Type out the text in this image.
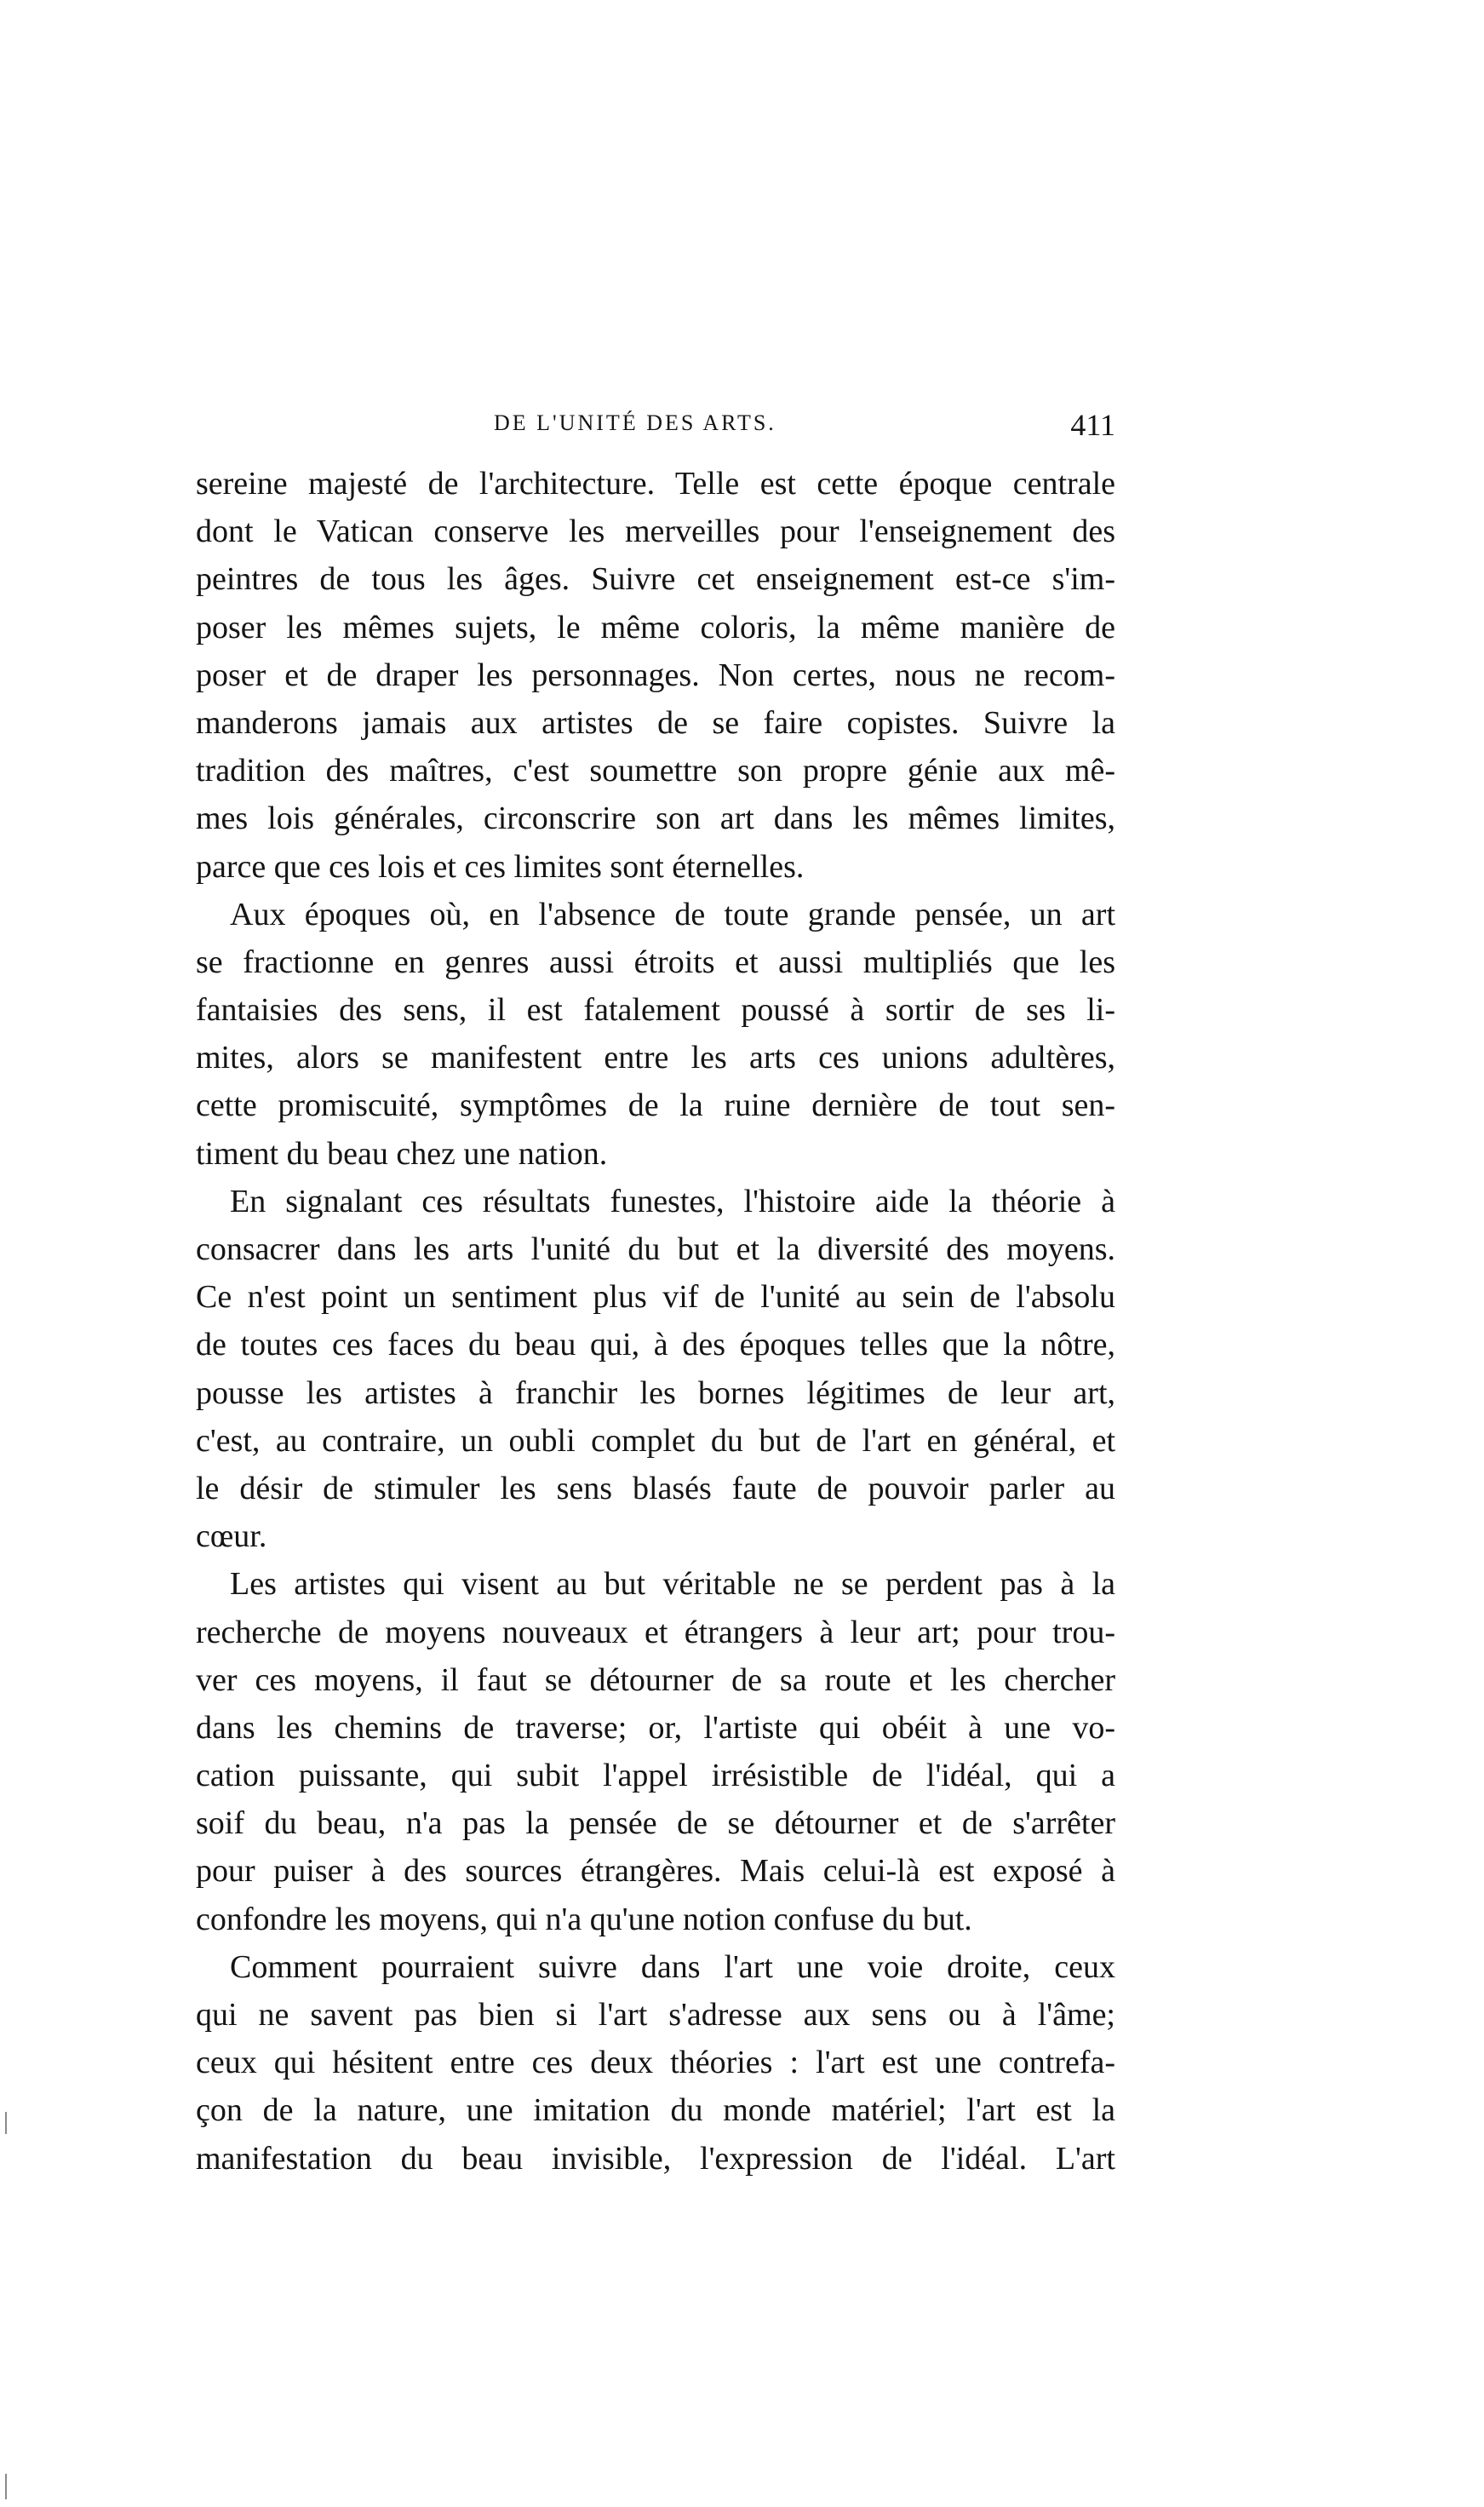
DE L'UNITÉ DES ARTS.	411
sereine majesté de l'architecture. Telle est cette époque centrale
dont le Vatican conserve les merveilles pour l'enseignement des
peintres de tous les âges. Suivre cet enseignement est-ce s'im-
poser les mêmes sujets, le même coloris, la même manière de
poser et de draper les personnages. Non certes, nous ne recom-
manderons jamais aux artistes de se faire copistes. Suivre la
tradition des maîtres, c'est soumettre son propre génie aux mê-
mes lois générales, circonscrire son art dans les mêmes limites,
parce que ces lois et ces limites sont éternelles.
Aux époques où, en l'absence de toute grande pensée, un art
se fractionne en genres aussi étroits et aussi multipliés que les
fantaisies des sens, il est fatalement poussé à sortir de ses li-
mites, alors se manifestent entre les arts ces unions adultères,
cette promiscuité, symptômes de la ruine dernière de tout sen-
timent du beau chez une nation.
En signalant ces résultats funestes, l'histoire aide la théorie à
consacrer dans les arts l'unité du but et la diversité des moyens.
Ce n'est point un sentiment plus vif de l'unité au sein de l'absolu
de toutes ces faces du beau qui, à des époques telles que la nôtre,
pousse les artistes à franchir les bornes légitimes de leur art,
c'est, au contraire, un oubli complet du but de l'art en général, et
le désir de stimuler les sens blasés faute de pouvoir parler au
cœur.
Les artistes qui visent au but véritable ne se perdent pas à la
recherche de moyens nouveaux et étrangers à leur art; pour trou-
ver ces moyens, il faut se détourner de sa route et les chercher
dans les chemins de traverse; or, l'artiste qui obéit à une vo-
cation puissante, qui subit l'appel irrésistible de l'idéal, qui a
soif du beau, n'a pas la pensée de se détourner et de s'arrêter
pour puiser à des sources étrangères. Mais celui-là est exposé à
confondre les moyens, qui n'a qu'une notion confuse du but.
Comment pourraient suivre dans l'art une voie droite, ceux
qui ne savent pas bien si l'art s'adresse aux sens ou à l'âme;
ceux qui hésitent entre ces deux théories : l'art est une contrefa-
çon de la nature, une imitation du monde matériel; l'art est la
manifestation du beau invisible, l'expression de l'idéal. L'art
